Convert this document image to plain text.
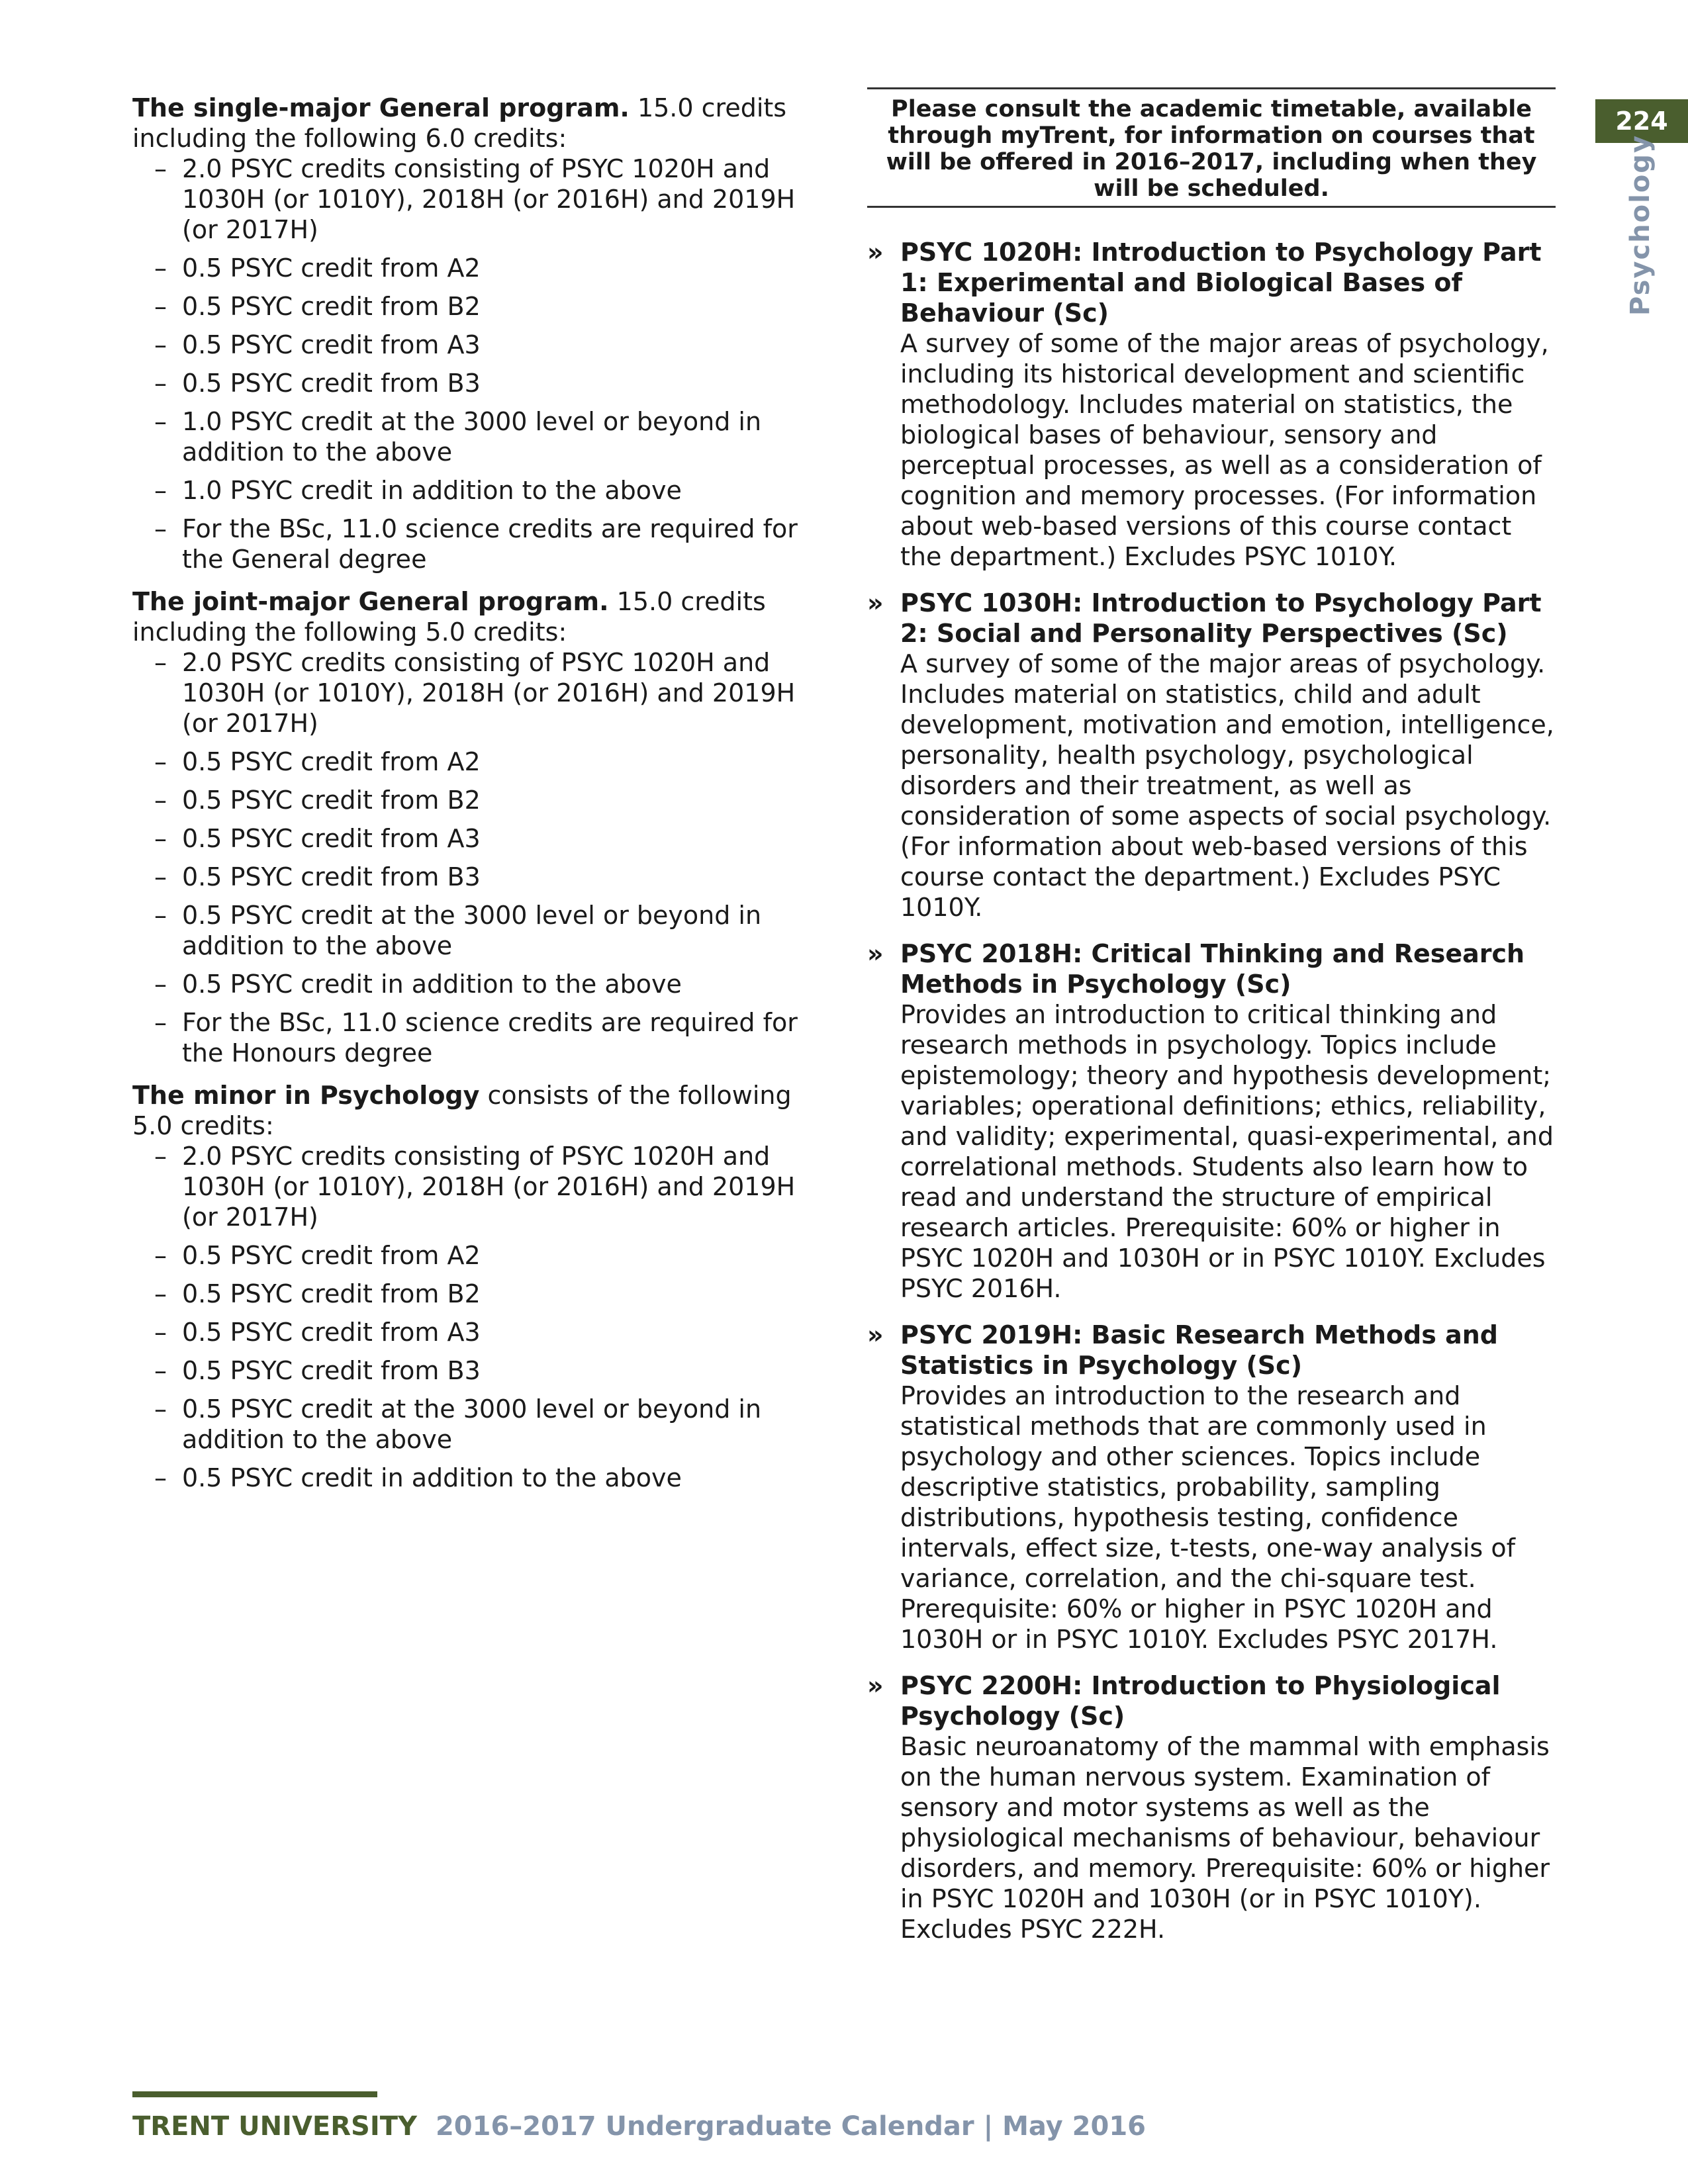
224
Psychology

The single-major General program. 15.0 credits including the following 6.0 credits:

– 2.0 PSYC credits consisting of PSYC 1020H and 1030H (or 1010Y), 2018H (or 2016H) and 2019H (or 2017H)
– 0.5 PSYC credit from A2
– 0.5 PSYC credit from B2
– 0.5 PSYC credit from A3
– 0.5 PSYC credit from B3
– 1.0 PSYC credit at the 3000 level or beyond in addition to the above
– 1.0 PSYC credit in addition to the above
– For the BSc, 11.0 science credits are required for the General degree

The joint-major General program. 15.0 credits including the following 5.0 credits:

– 2.0 PSYC credits consisting of PSYC 1020H and 1030H (or 1010Y), 2018H (or 2016H) and 2019H (or 2017H)
– 0.5 PSYC credit from A2
– 0.5 PSYC credit from B2
– 0.5 PSYC credit from A3
– 0.5 PSYC credit from B3
– 0.5 PSYC credit at the 3000 level or beyond in addition to the above
– 0.5 PSYC credit in addition to the above
– For the BSc, 11.0 science credits are required for the Honours degree

The minor in Psychology consists of the following 5.0 credits:

– 2.0 PSYC credits consisting of PSYC 1020H and 1030H (or 1010Y), 2018H (or 2016H) and 2019H (or 2017H)
– 0.5 PSYC credit from A2
– 0.5 PSYC credit from B2
– 0.5 PSYC credit from A3
– 0.5 PSYC credit from B3
– 0.5 PSYC credit at the 3000 level or beyond in addition to the above
– 0.5 PSYC credit in addition to the above
Please consult the academic timetable, available through myTrent, for information on courses that will be offered in 2016–2017, including when they will be scheduled.
» PSYC 1020H: Introduction to Psychology Part 1: Experimental and Biological Bases of Behaviour (Sc)
A survey of some of the major areas of psychology, including its historical development and scientific methodology. Includes material on statistics, the biological bases of behaviour, sensory and perceptual processes, as well as a consideration of cognition and memory processes. (For information about web-based versions of this course contact the department.) Excludes PSYC 1010Y.
» PSYC 1030H: Introduction to Psychology Part 2: Social and Personality Perspectives (Sc)
A survey of some of the major areas of psychology. Includes material on statistics, child and adult development, motivation and emotion, intelligence, personality, health psychology, psychological disorders and their treatment, as well as consideration of some aspects of social psychology. (For information about web-based versions of this course contact the department.) Excludes PSYC 1010Y.
» PSYC 2018H: Critical Thinking and Research Methods in Psychology (Sc)
Provides an introduction to critical thinking and research methods in psychology. Topics include epistemology; theory and hypothesis development; variables; operational definitions; ethics, reliability, and validity; experimental, quasi-experimental, and correlational methods. Students also learn how to read and understand the structure of empirical research articles. Prerequisite: 60% or higher in PSYC 1020H and 1030H or in PSYC 1010Y. Excludes PSYC 2016H.
» PSYC 2019H: Basic Research Methods and Statistics in Psychology (Sc)
Provides an introduction to the research and statistical methods that are commonly used in psychology and other sciences. Topics include descriptive statistics, probability, sampling distributions, hypothesis testing, confidence intervals, effect size, t-tests, one-way analysis of variance, correlation, and the chi-square test. Prerequisite: 60% or higher in PSYC 1020H and 1030H or in PSYC 1010Y. Excludes PSYC 2017H.
» PSYC 2200H: Introduction to Physiological Psychology (Sc)
Basic neuroanatomy of the mammal with emphasis on the human nervous system. Examination of sensory and motor systems as well as the physiological mechanisms of behaviour, behaviour disorders, and memory. Prerequisite: 60% or higher in PSYC 1020H and 1030H (or in PSYC 1010Y). Excludes PSYC 222H.
TRENT UNIVERSITY 2016–2017 Undergraduate Calendar | May 2016
